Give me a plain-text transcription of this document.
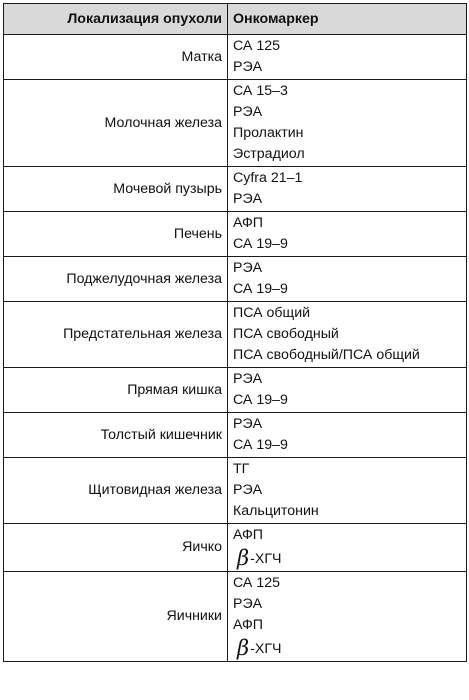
Локализация опухоли	Онкомаркер
Матка	СА 125
РЭА

Молочная железа	СА 15–3
РЭА
Пролактин
Эстрадиол

Мочевой пузырь	Cyfra 21–1
РЭА

Печень	АФП
СА 19–9

Поджелудочная железа	РЭА
СА 19–9

Предстательная железа	ПСА общий
ПСА свободный
ПСА свободный/ПСА общий

Прямая кишка	РЭА
СА 19–9

Толстый кишечник	РЭА
СА 19–9

Щитовидная железа	ТГ
РЭА
Кальцитонин

Яичко	АФП
β-ХГЧ

Яичники	СА 125
РЭА
АФП
β-ХГЧ
